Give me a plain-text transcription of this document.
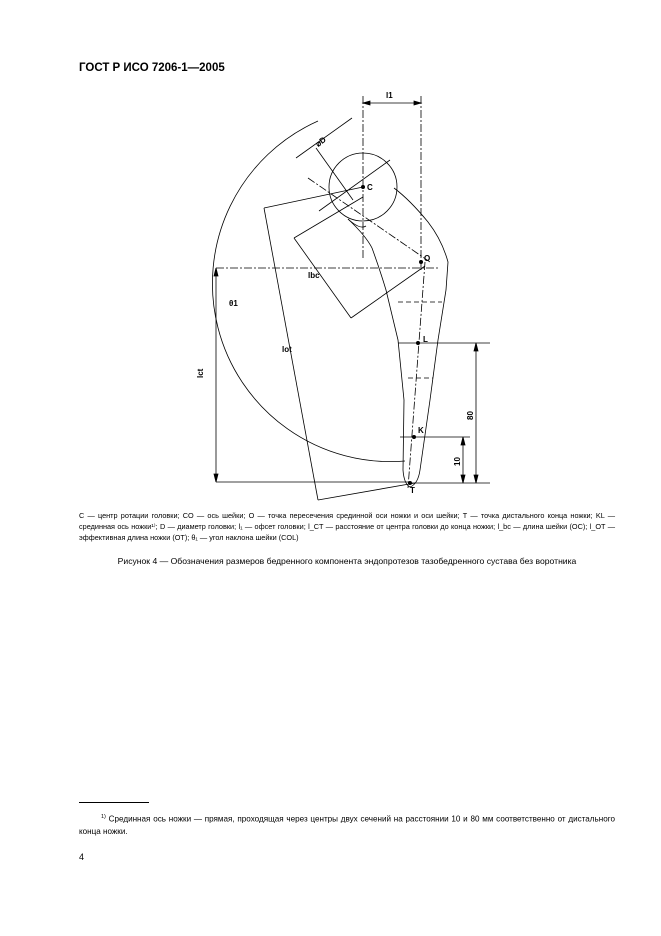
ГОСТ Р ИСО 7206-1—2005
C
O
L
K
T
l1
⌀D
lbc
lot
lct
θ1
80
10

C — центр ротации головки; CO — ось шейки; O — точка пересечения срединной оси ножки и оси шейки; T — точка дистального конца ножки; KL — срединная ось ножки¹⁾; D — диаметр головки; l₁ — офсет головки; l_CT — расстояние от центра головки до конца ножки; l_bc — длина шейки (OC); l_OT — эффективная длина ножки (OT); θ₁ — угол наклона шейки (COL)

Рисунок 4 — Обозначения размеров бедренного компонента эндопротезов тазобедренного сустава без воротника
$^{1)}$ Срединная ось ножки — прямая, проходящая через центры двух сечений на расстоянии 10 и 80 мм соответственно от дистального конца ножки.
4
